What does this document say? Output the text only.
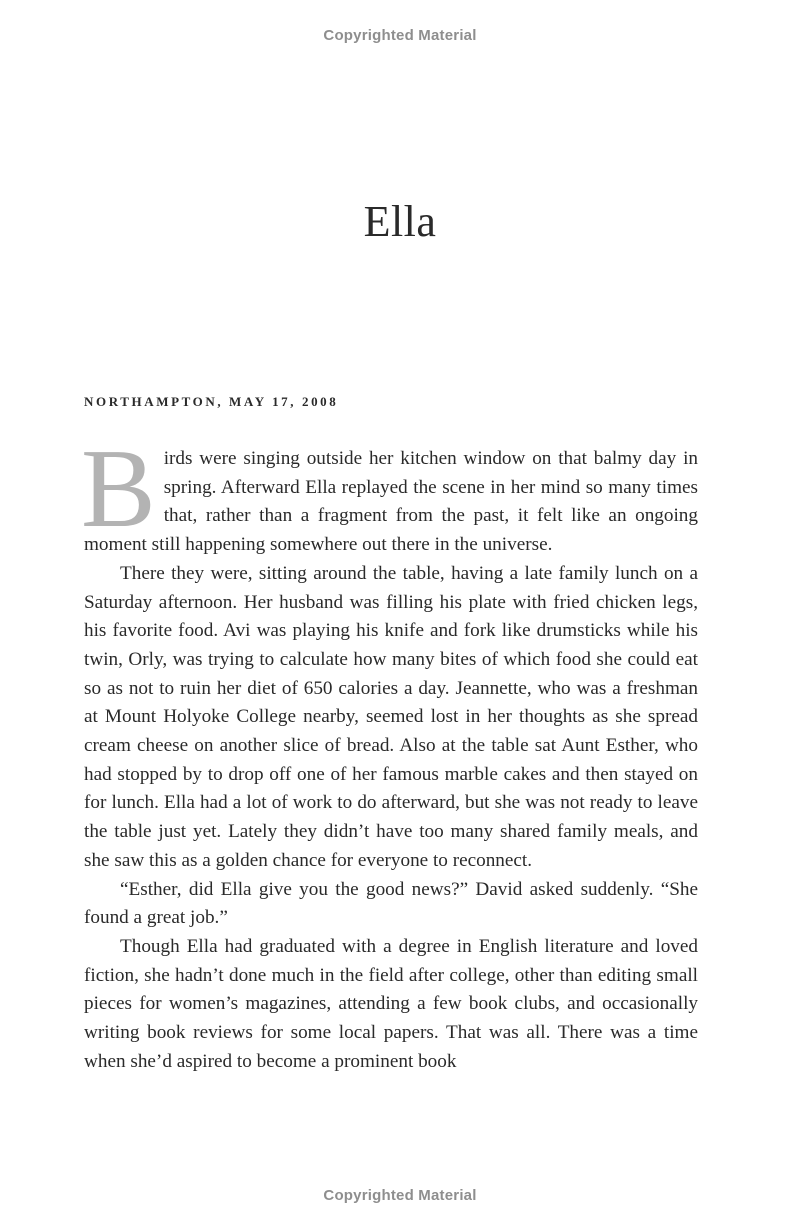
Copyrighted Material
Ella
NORTHAMPTON, MAY 17, 2008

Birds were singing outside her kitchen window on that balmy day in spring. Afterward Ella replayed the scene in her mind so many times that, rather than a fragment from the past, it felt like an ongoing moment still happening somewhere out there in the universe.

There they were, sitting around the table, having a late family lunch on a Saturday afternoon. Her husband was filling his plate with fried chicken legs, his favorite food. Avi was playing his knife and fork like drumsticks while his twin, Orly, was trying to calculate how many bites of which food she could eat so as not to ruin her diet of 650 calories a day. Jeannette, who was a freshman at Mount Holyoke College nearby, seemed lost in her thoughts as she spread cream cheese on another slice of bread. Also at the table sat Aunt Esther, who had stopped by to drop off one of her famous marble cakes and then stayed on for lunch. Ella had a lot of work to do afterward, but she was not ready to leave the table just yet. Lately they didn’t have too many shared family meals, and she saw this as a golden chance for everyone to reconnect.

“Esther, did Ella give you the good news?” David asked suddenly. “She found a great job.”

Though Ella had graduated with a degree in English literature and loved fiction, she hadn’t done much in the field after college, other than editing small pieces for women’s magazines, attending a few book clubs, and occasionally writing book reviews for some local papers. That was all. There was a time when she’d aspired to become a prominent book

Copyrighted Material
